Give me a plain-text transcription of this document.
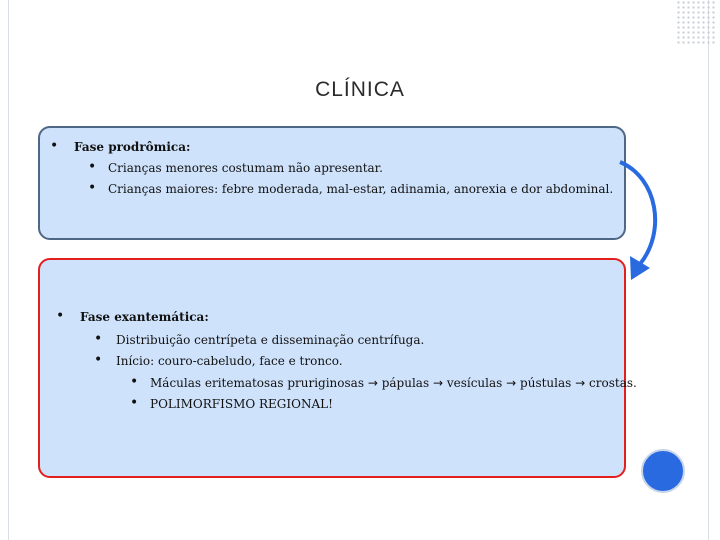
CLÍNICA
• Fase prodrômica:
• Crianças menores costumam não apresentar.
• Crianças maiores: febre moderada, mal-estar, adinamia, anorexia e dor abdominal.
• Fase exantemática:
• Distribuição centrípeta e disseminação centrífuga.
• Início: couro-cabeludo, face e tronco.
• Máculas eritematosas pruriginosas → pápulas → vesículas → pústulas → crostas.
• POLIMORFISMO REGIONAL!
